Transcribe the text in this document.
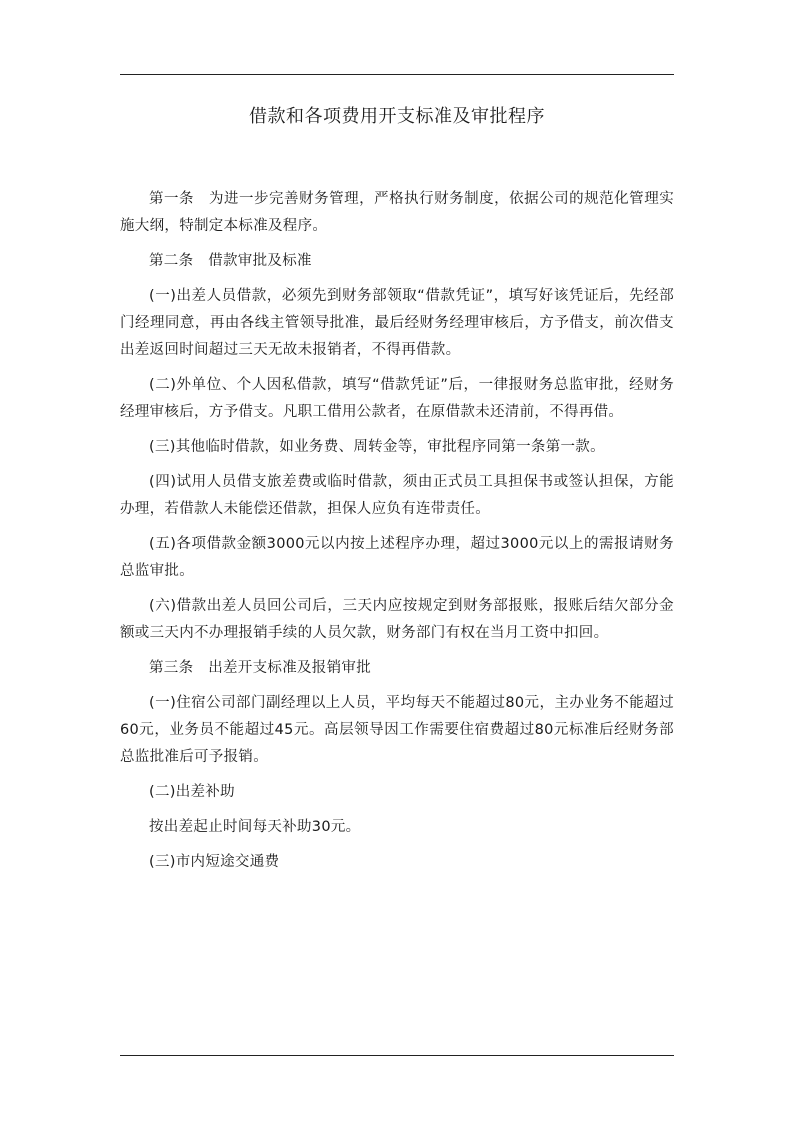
借款和各项费用开支标准及审批程序

第一条　为进一步完善财务管理，严格执行财务制度，依据公司的规范化管理实施大纲，特制定本标准及程序。

第二条　借款审批及标准

(一)出差人员借款，必须先到财务部领取“借款凭证”，填写好该凭证后，先经部门经理同意，再由各线主管领导批准，最后经财务经理审核后，方予借支，前次借支出差返回时间超过三天无故未报销者，不得再借款。

(二)外单位、个人因私借款，填写“借款凭证”后，一律报财务总监审批，经财务经理审核后，方予借支。凡职工借用公款者，在原借款未还清前，不得再借。

(三)其他临时借款，如业务费、周转金等，审批程序同第一条第一款。

(四)试用人员借支旅差费或临时借款，须由正式员工具担保书或签认担保，方能办理，若借款人未能偿还借款，担保人应负有连带责任。

(五)各项借款金额3000元以内按上述程序办理，超过3000元以上的需报请财务总监审批。

(六)借款出差人员回公司后，三天内应按规定到财务部报账，报账后结欠部分金额或三天内不办理报销手续的人员欠款，财务部门有权在当月工资中扣回。

第三条　出差开支标准及报销审批

(一)住宿公司部门副经理以上人员，平均每天不能超过80元，主办业务不能超过60元，业务员不能超过45元。高层领导因工作需要住宿费超过80元标准后经财务部总监批准后可予报销。

(二)出差补助

按出差起止时间每天补助30元。

(三)市内短途交通费
